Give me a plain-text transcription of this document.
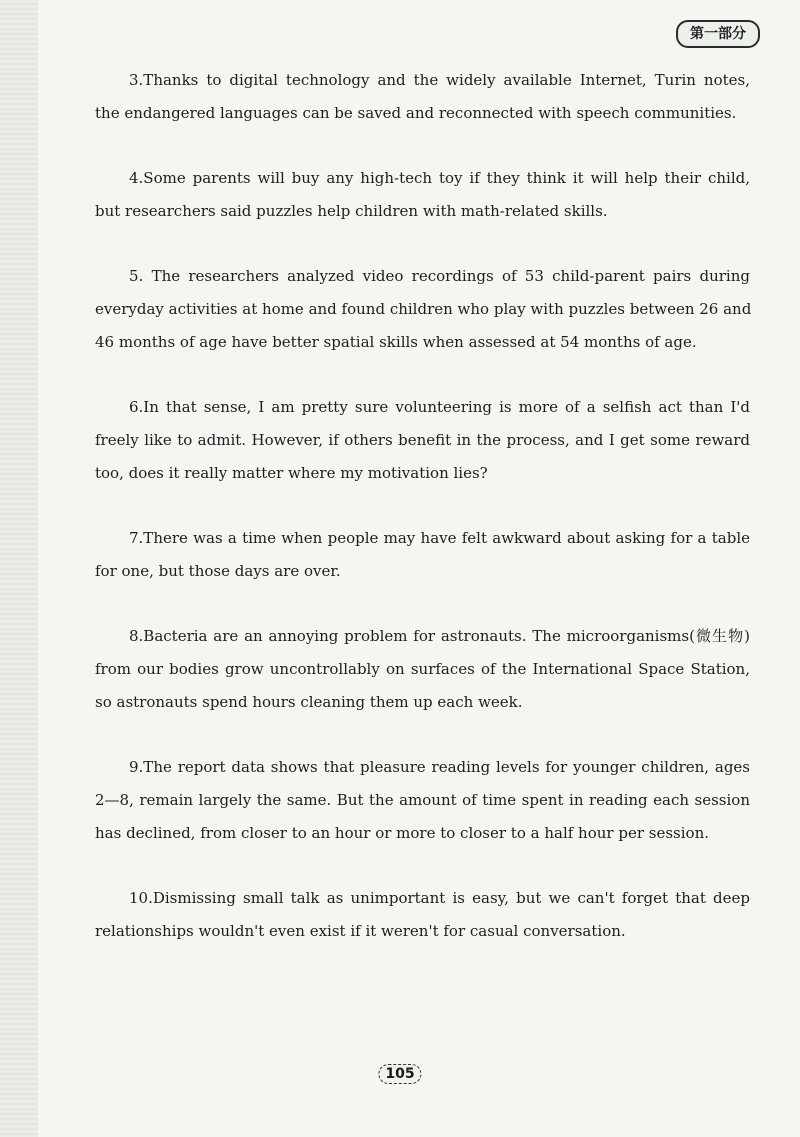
第一部分
3.Thanks to digital technology and the widely available Internet, Turin notes,
the endangered languages can be saved and reconnected with speech communities.
4.Some parents will buy any high-tech toy if they think it will help their child,
but researchers said puzzles help children with math-related skills.
5. The researchers analyzed video recordings of 53 child-parent pairs during
everyday activities at home and found children who play with puzzles between 26 and
46 months of age have better spatial skills when assessed at 54 months of age.
6.In that sense, I am pretty sure volunteering is more of a selfish act than I'd
freely like to admit. However, if others benefit in the process, and I get some reward
too, does it really matter where my motivation lies?
7.There was a time when people may have felt awkward about asking for a table
for one, but those days are over.
8.Bacteria are an annoying problem for astronauts. The microorganisms(微生物)
from our bodies grow uncontrollably on surfaces of the International Space Station,
so astronauts spend hours cleaning them up each week.
9.The report data shows that pleasure reading levels for younger children, ages
2—8, remain largely the same. But the amount of time spent in reading each session
has declined, from closer to an hour or more to closer to a half hour per session.
10.Dismissing small talk as unimportant is easy, but we can't forget that deep
relationships wouldn't even exist if it weren't for casual conversation.
105
